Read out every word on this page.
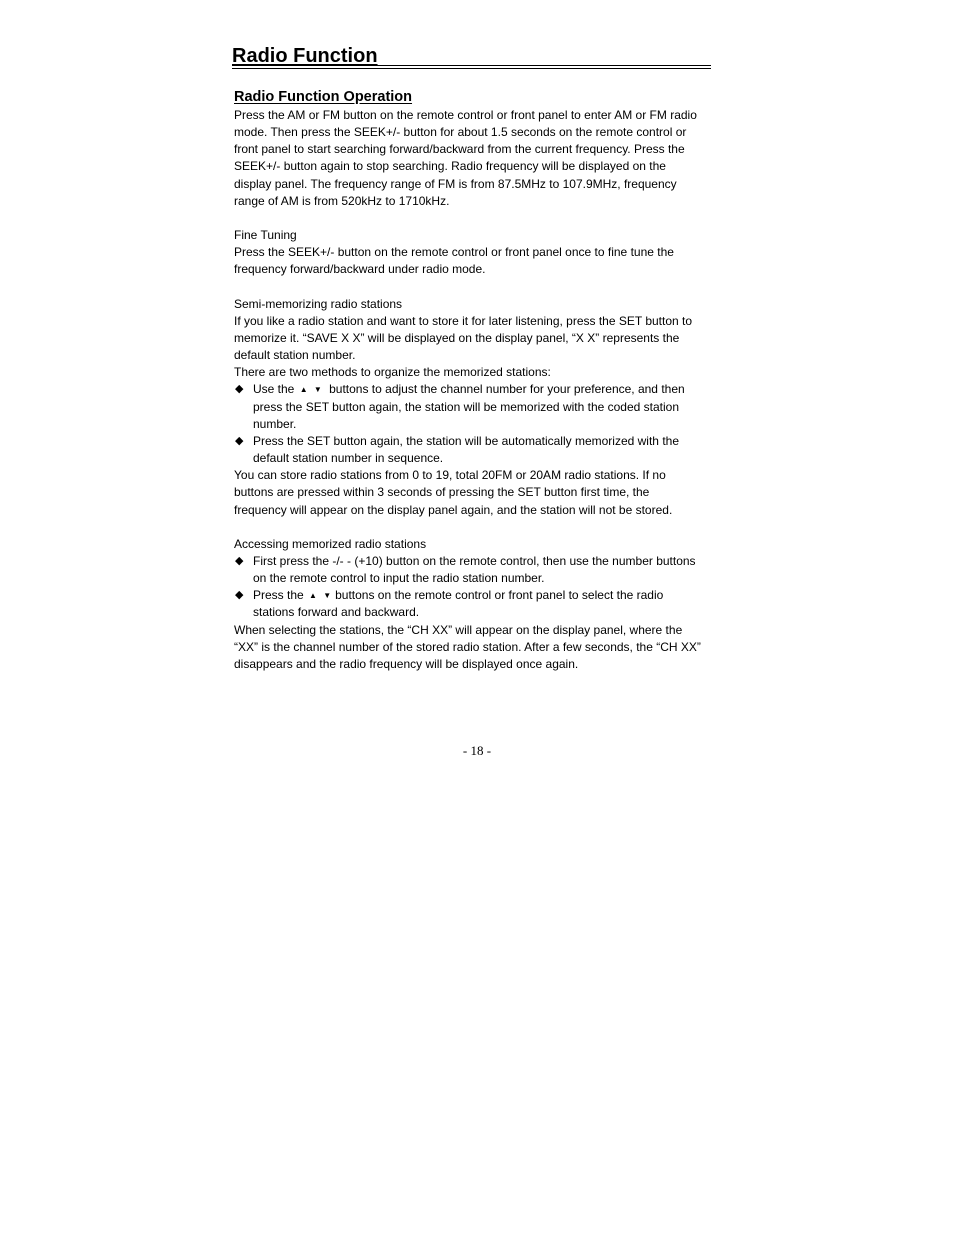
Radio Function
Radio Function Operation

Press the AM or FM button on the remote control or front panel to enter AM or FM radio

mode. Then press the SEEK+/- button for about 1.5 seconds on the remote control or

front panel to start searching forward/backward from the current frequency. Press the

SEEK+/- button again to stop searching. Radio frequency will be displayed on the

display panel. The frequency range of FM is from 87.5MHz to 107.9MHz, frequency

range of AM is from 520kHz to 1710kHz.

Fine Tuning

Press the SEEK+/- button on the remote control or front panel once to fine tune the

frequency forward/backward under radio mode.

Semi-memorizing radio stations

If you like a radio station and want to store it for later listening, press the SET button to

memorize it. “SAVE X X” will be displayed on the display panel, “X X” represents the

default station number.

There are two methods to organize the memorized stations:

◆ Use the ▲ ▼ buttons to adjust the channel number for your preference, and then

press the SET button again, the station will be memorized with the coded station

number.

◆ Press the SET button again, the station will be automatically memorized with the

default station number in sequence.

You can store radio stations from 0 to 19, total 20FM or 20AM radio stations. If no

buttons are pressed within 3 seconds of pressing the SET button first time, the

frequency will appear on the display panel again, and the station will not be stored.

Accessing memorized radio stations

◆ First press the -/- - (+10) button on the remote control, then use the number buttons

on the remote control to input the radio station number.

◆ Press the ▲ ▼ buttons on the remote control or front panel to select the radio

stations forward and backward.

When selecting the stations, the “CH XX” will appear on the display panel, where the

“XX” is the channel number of the stored radio station. After a few seconds, the “CH XX”

disappears and the radio frequency will be displayed once again.

- 18 -
